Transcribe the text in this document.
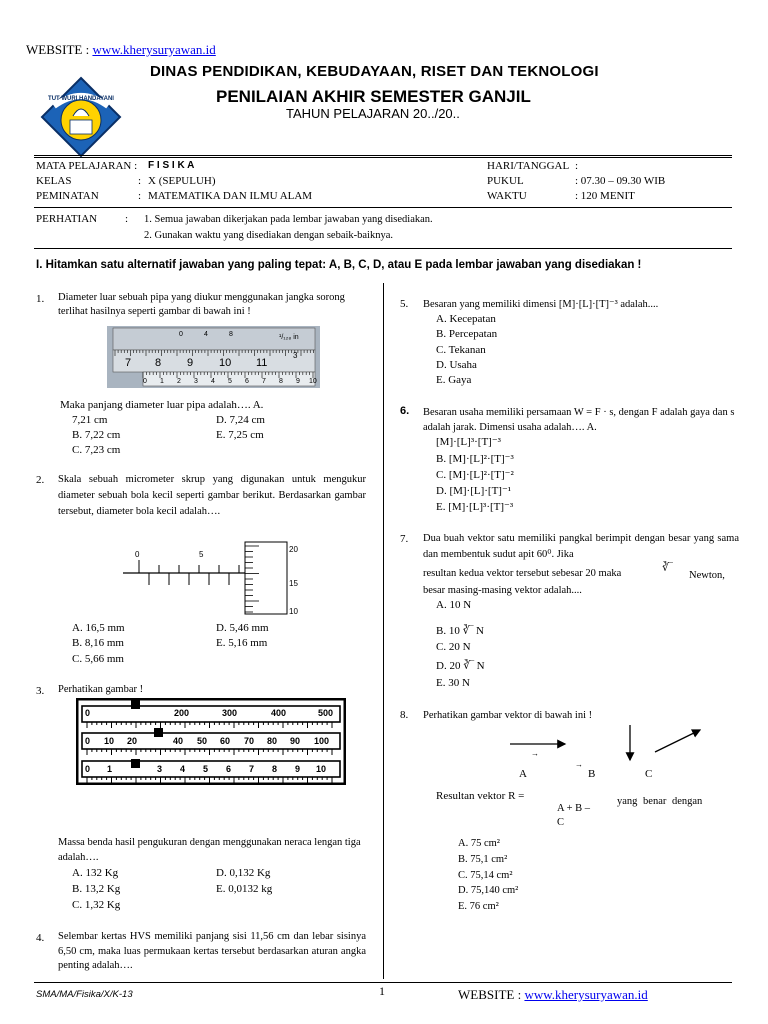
WEBSITE : www.kherysuryawan.id
TUT WURI HANDAYANI
DINAS PENDIDIKAN, KEBUDAYAAN, RISET DAN TEKNOLOGI
PENILAIAN AKHIR SEMESTER GANJIL
TAHUN PELAJARAN 20../20..
MATA PELAJARAN : F I S I K A
KELAS	: X (SEPULUH)
PEMINATAN	: MATEMATIKA DAN ILMU ALAM
HARI/TANGGAL :
PUKUL	: 07.30 – 09.30 WIB
WAKTU	: 120 MENIT
PERHATIAN	: 1. Semua jawaban dikerjakan pada lembar jawaban yang disediakan.
2. Gunakan waktu yang disediakan dengan sebaik-baiknya.
I. Hitamkan satu alternatif jawaban yang paling tepat: A, B, C, D, atau E pada lembar jawaban yang disediakan !
1. Diameter luar sebuah pipa yang diukur menggunakan jangka sorong terlihat hasilnya seperti gambar di bawah ini !
7 8 9 10 11
3
0	4	8	¹/₁₂₈ in
0 1 2 3 4 5 6 7 8 9 10
Maka panjang diameter luar pipa adalah…. A.
7,21 cm
B. 7,22 cm
C. 7,23 cm
D. 7,24 cm
E. 7,25 cm
2. Skala sebuah micrometer skrup yang digunakan untuk mengukur diameter sebuah bola kecil seperti gambar berikut. Berdasarkan gambar tersebut, diameter bola kecil adalah….
0	5
20
15
10
A. 16,5 mm
B. 8,16 mm
C. 5,66 mm
D. 5,46 mm
E. 5,16 mm
3. Perhatikan gambar !
0	200	300	400	500
0 10 20	40 50 60 70 80 90 100
0 1	3 4 5 6 7 8 9 10
Massa benda hasil pengukuran dengan menggunakan neraca lengan tiga adalah….
A. 132 Kg
B. 13,2 Kg
C. 1,32 Kg
D. 0,132 Kg
E. 0,0132 kg
4. Selembar kertas HVS memiliki panjang sisi 11,56 cm dan lebar sisinya 6,50 cm, maka luas permukaan kertas tersebut berdasarkan aturan angka penting adalah….
5. Besaran yang memiliki dimensi [M]·[L]·[T]⁻³ adalah....
A. Kecepatan
B. Percepatan
C. Tekanan
D. Usaha
E. Gaya
6. Besaran usaha memiliki persamaan W = F · s, dengan F adalah gaya dan s adalah jarak. Dimensi usaha adalah…. A.
[M]·[L]³·[T]⁻³
B. [M]·[L]²·[T]⁻³
C. [M]·[L]²·[T]⁻²
D. [M]·[L]·[T]⁻¹
E. [M]·[L]³·[T]⁻³
7. Dua buah vektor satu memiliki pangkal berimpit dengan besar yang sama dan membentuk sudut apit 60⁰. Jika
resultan kedua vektor tersebut sebesar 20 maka	∛‾
Newton,
besar masing-masing vektor adalah....
A. 10 N
B. 10 ∛‾ N
C. 20 N
D. 20 ∛‾ N
E. 30 N
8. Perhatikan gambar vektor di bawah ini !
→
→
A	B	C
Resultan vektor R =
A + B –
C
yang benar dengan
A. 75 cm²
B. 75,1 cm²
C. 75,14 cm²
D. 75,140 cm²
E. 76 cm²
SMA/MA/Fisika/X/K-13	1	WEBSITE : www.kherysuryawan.id
